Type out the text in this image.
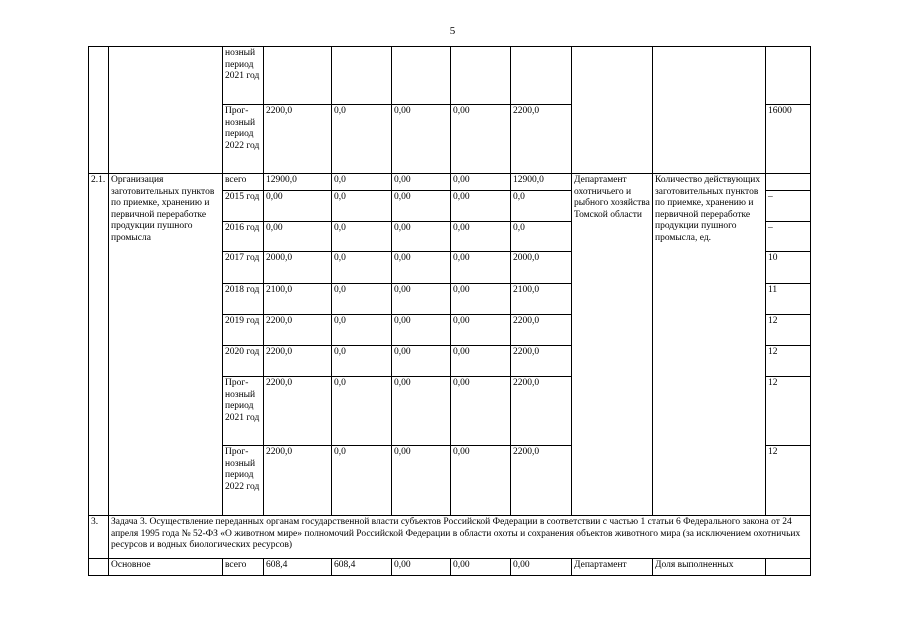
5
		нозный период 2021 год								
		Прог-нозный период 2022 год	2200,0	0,0	0,00	0,00	2200,0			16000
2.1.	Организация заготовительных пунктов по приемке, хранению и первичной переработке продукции пушного промысла	всего	12900,0	0,0	0,00	0,00	12900,0	Департамент охотничьего и рыбного хозяйства Томской области	Количество действующих заготовительных пунктов по приемке, хранению и первичной переработке продукции пушного промысла, ед.	
		2015 год	0,00	0,0	0,00	0,00	0,0			–
		2016 год	0,00	0,0	0,00	0,00	0,0			–
		2017 год	2000,0	0,0	0,00	0,00	2000,0			10
		2018 год	2100,0	0,0	0,00	0,00	2100,0			11
		2019 год	2200,0	0,0	0,00	0,00	2200,0			12
		2020 год	2200,0	0,0	0,00	0,00	2200,0			12
		Прог-нозный период 2021 год	2200,0	0,0	0,00	0,00	2200,0			12
		Прог-нозный период 2022 год	2200,0	0,0	0,00	0,00	2200,0			12
3.	Задача 3. Осуществление переданных органам государственной власти субъектов Российской Федерации в соответствии с частью 1 статьи 6 Федерального закона от 24 апреля 1995 года № 52-ФЗ «О животном мире» полномочий Российской Федерации в области охоты и сохранения объектов животного мира (за исключением охотничьих ресурсов и водных биологических ресурсов)									
	Основное	всего	608,4	608,4	0,00	0,00	0,00	Департамент	Доля выполненных	
